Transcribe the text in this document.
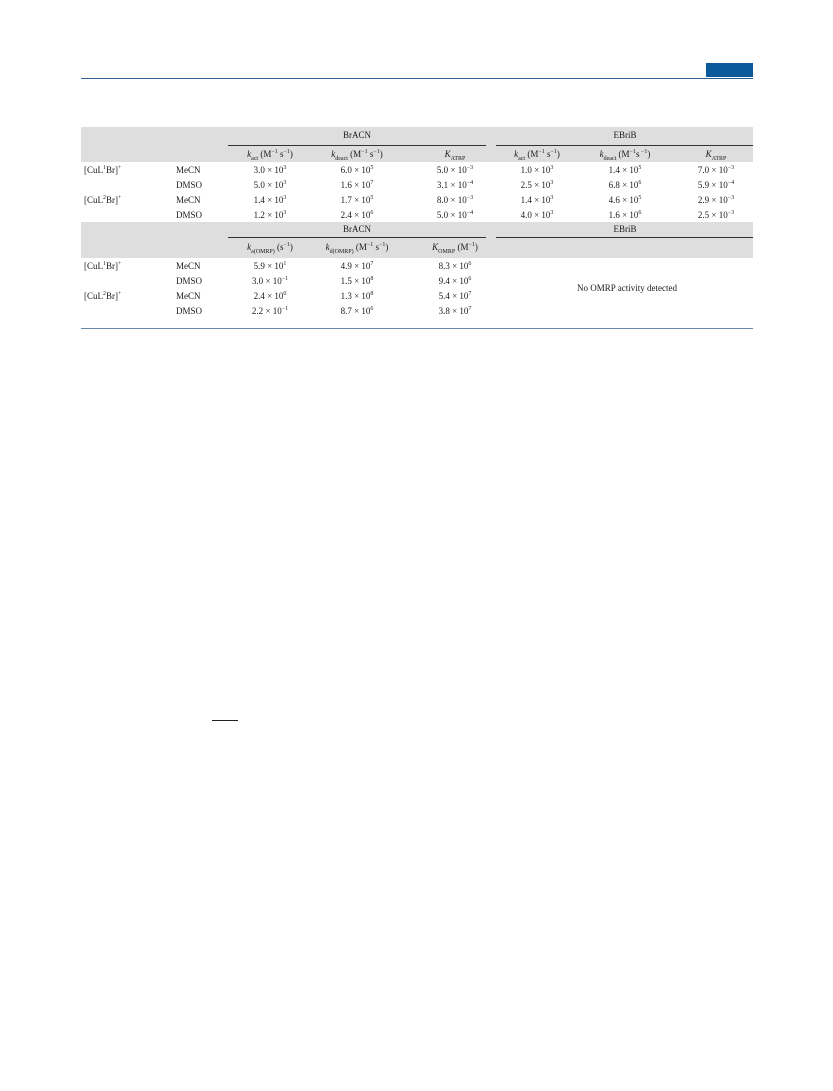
BrACN	EBriB
$k_{act}$ ($M^{-1}$ $s^{-1}$)	$k_{deact}$ ($M^{-1}$ $s^{-1}$)	$K_{ATRP}$	$k_{act}$ ($M^{-1}$ $s^{-1}$)	$k_{deact}$ ($M^{-1}s$ $^{-1}$)	$K_{ATRP}$
[CuL$^1$Br]+	MeCN	$3.0 \times 10^3$	$6.0 \times 10^5$	$5.0 \times 10^{-3}$	$1.0 \times 10^3$	$1.4 \times 10^5$	$7.0 \times 10^{-3}$
DMSO	$5.0 \times 10^3$	$1.6 \times 10^7$	$3.1 \times 10^{-4}$	$2.5 \times 10^3$	$6.8 \times 10^6$	$5.9 \times 10^{-4}$
[CuL$^2$Br]+	MeCN	$1.4 \times 10^3$	$1.7 \times 10^5$	$8.0 \times 10^{-3}$	$1.4 \times 10^3$	$4.6 \times 10^5$	$2.9 \times 10^{-3}$
DMSO	$1.2 \times 10^3$	$2.4 \times 10^6$	$5.0 \times 10^{-4}$	$4.0 \times 10^3$	$1.6 \times 10^6$	$2.5 \times 10^{-3}$
BrACN	EBriB
$k_{a(OMRP)}$ $(s^{-1})$	$k_{d(OMRP)}$ ($M^{-1}$ $s^{-1}$)	$K_{OMRP}$ $(M^{-1})$
[CuL$^1$Br]+	MeCN	$5.9 \times 10^1$	$4.9 \times 10^7$	$8.3 \times 10^6$
DMSO	$3.0 \times 10^{-1}$	$1.5 \times 10^8$	$9.4 \times 10^6$
[CuL$^2$Br]+	MeCN	$2.4 \times 10^0$	$1.3 \times 10^8$	$5.4 \times 10^7$
DMSO	$2.2 \times 10^{-1}$	$8.7 \times 10^6$	$3.8 \times 10^7$
No OMRP activity detected
